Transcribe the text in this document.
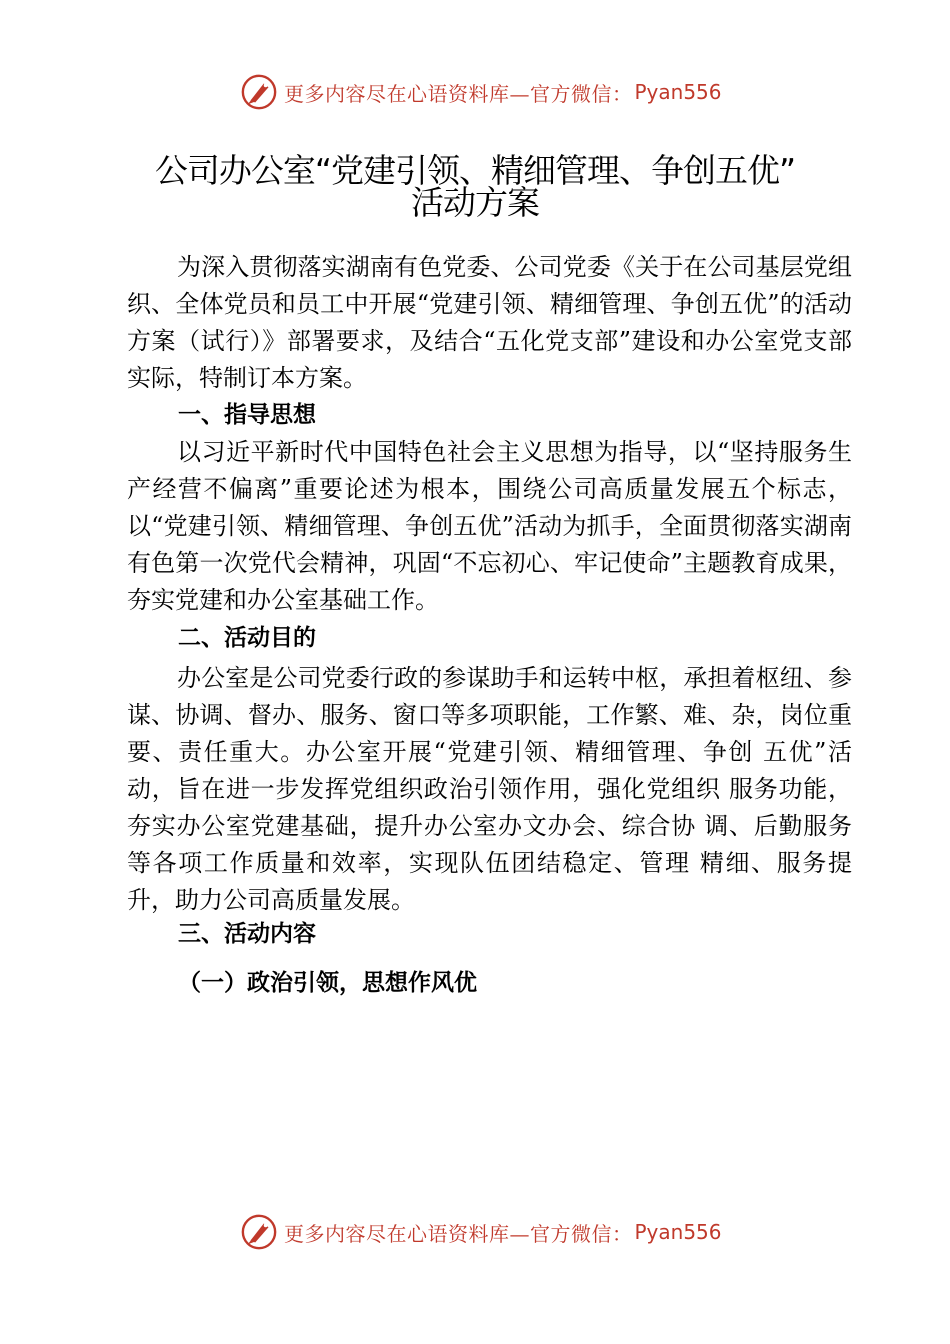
更多内容尽在心语资料库—官方微信： Pyan556
公司办公室“党建引领、精细管理、争创五优”
活动方案

为深入贯彻落实湖南有色党委、公司党委《关于在公司基层党组织、全体党员和员工中开展“党建引领、精细管理、争创五优”的活动方案（试行）》部署要求，及结合“五化党支部”建设和办公室党支部实际，特制订本方案。

一、指导思想

以习近平新时代中国特色社会主义思想为指导，以“坚持服务生产经营不偏离”重要论述为根本，围绕公司高质量发展五个标志，以“党建引领、精细管理、争创五优”活动为抓手，全面贯彻落实湖南有色第一次党代会精神，巩固“不忘初心、牢记使命”主题教育成果，夯实党建和办公室基础工作。

二、活动目的

办公室是公司党委行政的参谋助手和运转中枢，承担着枢纽、参谋、协调、督办、服务、窗口等多项职能，工作繁、难、杂，岗位重要、责任重大。办公室开展“党建引领、精细管理、争创 五优”活动，旨在进一步发挥党组织政治引领作用，强化党组织 服务功能，夯实办公室党建基础，提升办公室办文办会、综合协 调、后勤服务等各项工作质量和效率，实现队伍团结稳定、管理 精细、服务提升，助力公司高质量发展。

三、活动内容

（一）政治引领，思想作风优

更多内容尽在心语资料库—官方微信： Pyan556
